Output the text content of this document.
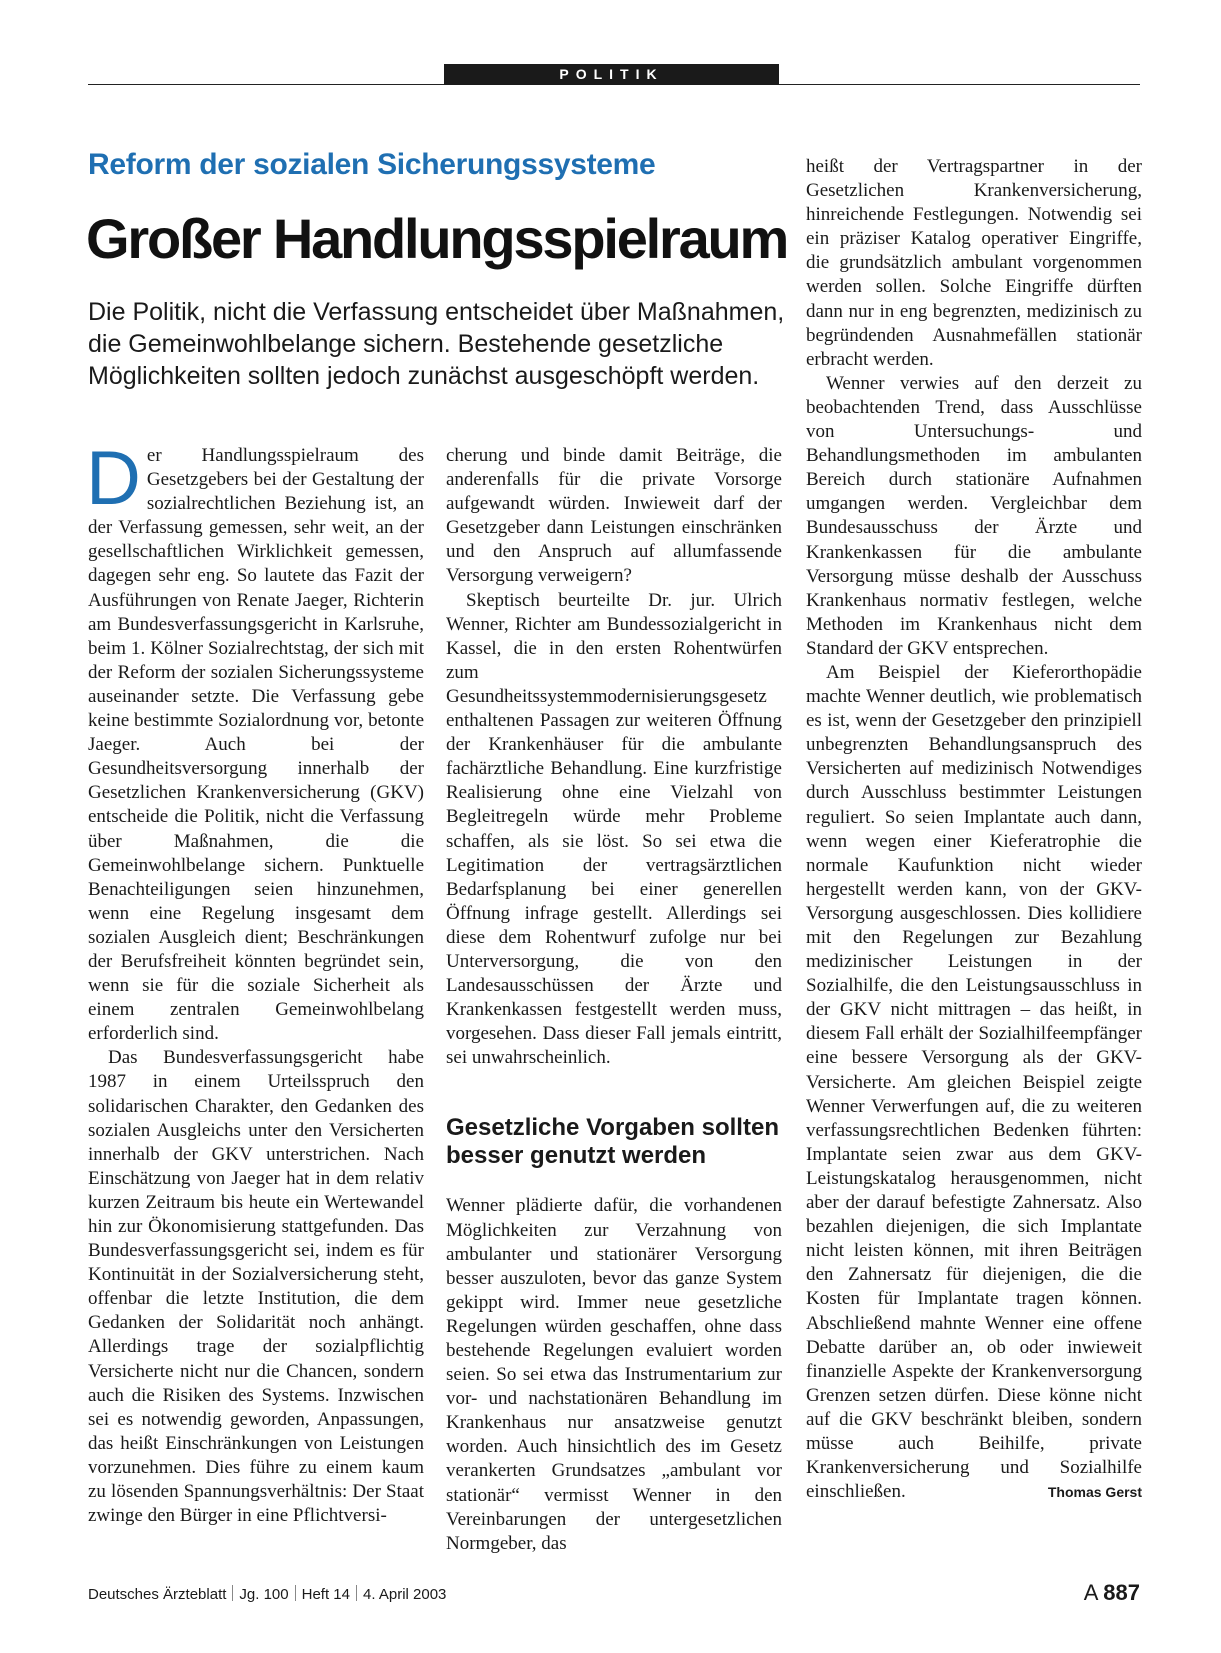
POLITIK
Reform der sozialen Sicherungssysteme
Großer Handlungsspielraum

Die Politik, nicht die Verfassung entscheidet über Maßnahmen, die Gemeinwohlbelange sichern. Bestehende gesetzliche Möglichkeiten sollten jedoch zunächst ausgeschöpft werden.

Der Handlungsspielraum des Gesetzgebers bei der Gestaltung der sozialrechtlichen Beziehung ist, an der Verfassung gemessen, sehr weit, an der gesellschaftlichen Wirklichkeit gemessen, dagegen sehr eng. So lautete das Fazit der Ausführungen von Renate Jaeger, Richterin am Bundesverfassungsgericht in Karlsruhe, beim 1. Kölner Sozialrechtstag, der sich mit der Reform der sozialen Sicherungssysteme auseinander setzte. Die Verfassung gebe keine bestimmte Sozialordnung vor, betonte Jaeger. Auch bei der Gesundheitsversorgung innerhalb der Gesetzlichen Krankenversicherung (GKV) entscheide die Politik, nicht die Verfassung über Maßnahmen, die die Gemeinwohlbelange sichern. Punktuelle Benachteiligungen seien hinzunehmen, wenn eine Regelung insgesamt dem sozialen Ausgleich dient; Beschränkungen der Berufsfreiheit könnten begründet sein, wenn sie für die soziale Sicherheit als einem zentralen Gemeinwohlbelang erforderlich sind.

Das Bundesverfassungsgericht habe 1987 in einem Urteilsspruch den solidarischen Charakter, den Gedanken des sozialen Ausgleichs unter den Versicherten innerhalb der GKV unterstrichen. Nach Einschätzung von Jaeger hat in dem relativ kurzen Zeitraum bis heute ein Wertewandel hin zur Ökonomisierung stattgefunden. Das Bundesverfassungsgericht sei, indem es für Kontinuität in der Sozialversicherung steht, offenbar die letzte Institution, die dem Gedanken der Solidarität noch anhängt. Allerdings trage der sozialpflichtig Versicherte nicht nur die Chancen, sondern auch die Risiken des Systems. Inzwischen sei es notwendig geworden, Anpassungen, das heißt Einschränkungen von Leistungen vorzunehmen. Dies führe zu einem kaum zu lösenden Spannungsverhältnis: Der Staat zwinge den Bürger in eine Pflichtversi-

cherung und binde damit Beiträge, die anderenfalls für die private Vorsorge aufgewandt würden. Inwieweit darf der Gesetzgeber dann Leistungen einschränken und den Anspruch auf allumfassende Versorgung verweigern?

Skeptisch beurteilte Dr. jur. Ulrich Wenner, Richter am Bundessozialgericht in Kassel, die in den ersten Rohentwürfen zum Gesundheitssystemmodernisierungsgesetz enthaltenen Passagen zur weiteren Öffnung der Krankenhäuser für die ambulante fachärztliche Behandlung. Eine kurzfristige Realisierung ohne eine Vielzahl von Begleitregeln würde mehr Probleme schaffen, als sie löst. So sei etwa die Legitimation der vertragsärztlichen Bedarfsplanung bei einer generellen Öffnung infrage gestellt. Allerdings sei diese dem Rohentwurf zufolge nur bei Unterversorgung, die von den Landesausschüssen der Ärzte und Krankenkassen festgestellt werden muss, vorgesehen. Dass dieser Fall jemals eintritt, sei unwahrscheinlich.

Gesetzliche Vorgaben sollten besser genutzt werden

Wenner plädierte dafür, die vorhandenen Möglichkeiten zur Verzahnung von ambulanter und stationärer Versorgung besser auszuloten, bevor das ganze System gekippt wird. Immer neue gesetzliche Regelungen würden geschaffen, ohne dass bestehende Regelungen evaluiert worden seien. So sei etwa das Instrumentarium zur vor- und nachstationären Behandlung im Krankenhaus nur ansatzweise genutzt worden. Auch hinsichtlich des im Gesetz verankerten Grundsatzes „ambulant vor stationär“ vermisst Wenner in den Vereinbarungen der untergesetzlichen Normgeber, das

heißt der Vertragspartner in der Gesetzlichen Krankenversicherung, hinreichende Festlegungen. Notwendig sei ein präziser Katalog operativer Eingriffe, die grundsätzlich ambulant vorgenommen werden sollen. Solche Eingriffe dürften dann nur in eng begrenzten, medizinisch zu begründenden Ausnahmefällen stationär erbracht werden.

Wenner verwies auf den derzeit zu beobachtenden Trend, dass Ausschlüsse von Untersuchungs- und Behandlungsmethoden im ambulanten Bereich durch stationäre Aufnahmen umgangen werden. Vergleichbar dem Bundesausschuss der Ärzte und Krankenkassen für die ambulante Versorgung müsse deshalb der Ausschuss Krankenhaus normativ festlegen, welche Methoden im Krankenhaus nicht dem Standard der GKV entsprechen.

Am Beispiel der Kieferorthopädie machte Wenner deutlich, wie problematisch es ist, wenn der Gesetzgeber den prinzipiell unbegrenzten Behandlungsanspruch des Versicherten auf medizinisch Notwendiges durch Ausschluss bestimmter Leistungen reguliert. So seien Implantate auch dann, wenn wegen einer Kieferatrophie die normale Kaufunktion nicht wieder hergestellt werden kann, von der GKV-Versorgung ausgeschlossen. Dies kollidiere mit den Regelungen zur Bezahlung medizinischer Leistungen in der Sozialhilfe, die den Leistungsausschluss in der GKV nicht mittragen – das heißt, in diesem Fall erhält der Sozialhilfeempfänger eine bessere Versorgung als der GKV-Versicherte. Am gleichen Beispiel zeigte Wenner Verwerfungen auf, die zu weiteren verfassungsrechtlichen Bedenken führten: Implantate seien zwar aus dem GKV-Leistungskatalog herausgenommen, nicht aber der darauf befestigte Zahnersatz. Also bezahlen diejenigen, die sich Implantate nicht leisten können, mit ihren Beiträgen den Zahnersatz für diejenigen, die die Kosten für Implantate tragen können. Abschließend mahnte Wenner eine offene Debatte darüber an, ob oder inwieweit finanzielle Aspekte der Krankenversorgung Grenzen setzen dürfen. Diese könne nicht auf die GKV beschränkt bleiben, sondern müsse auch Beihilfe, private Krankenversicherung und Sozialhilfe einschließen.	Thomas Gerst

Deutsches Ärzteblatt Jg. 100 Heft 14 4. April 2003	A 887
